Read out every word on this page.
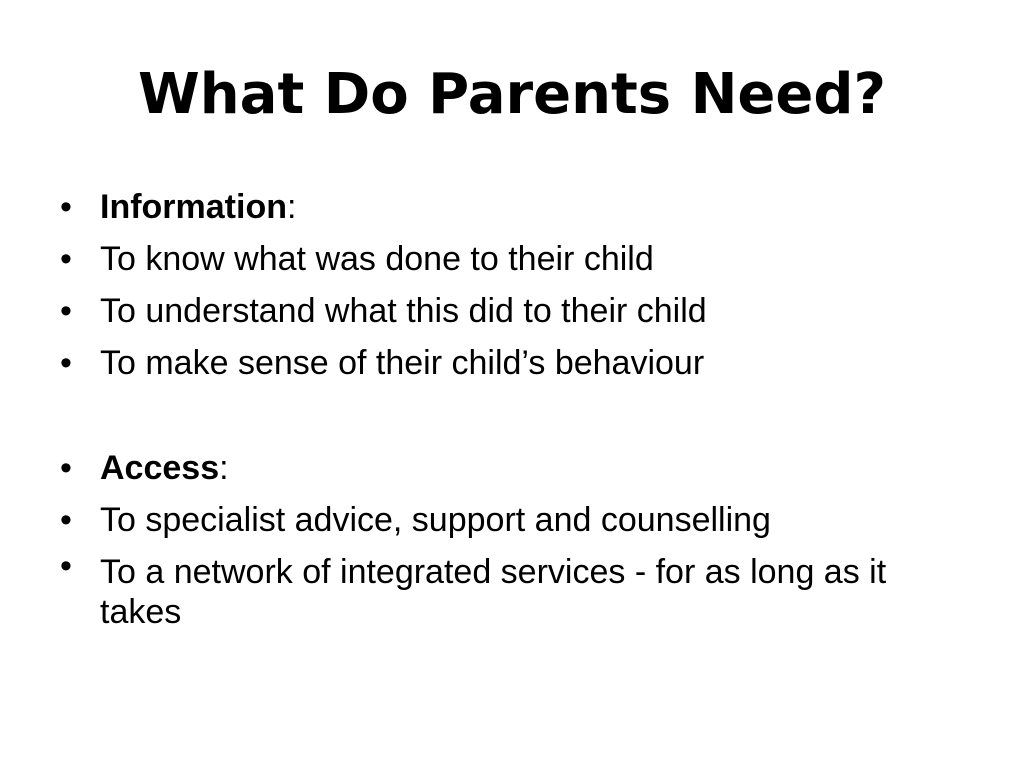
What Do Parents Need?
• Information:
• To know what was done to their child
• To understand what this did to their child
• To make sense of their child’s behaviour
• Access:
• To specialist advice, support and counselling
• To a network of integrated services - for as long as it takes
